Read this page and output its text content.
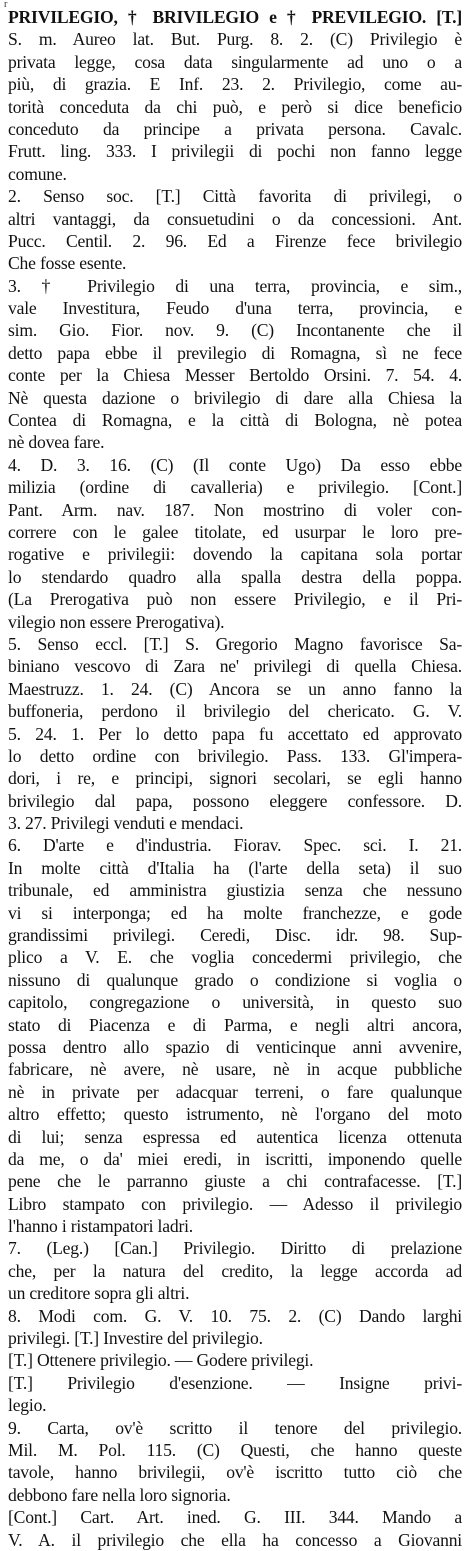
r
PRIVILEGIO, † BRIVILEGIO e † PREVILEGIO. [T.]
S. m. Aureo lat. But. Purg. 8. 2. (C) Privilegio è
privata legge, cosa data singularmente ad uno o a
più, di grazia. E Inf. 23. 2. Privilegio, come au-
torità conceduta da chi può, e però si dice beneficio
conceduto da principe a privata persona. Cavalc.
Frutt. ling. 333. I privilegii di pochi non fanno legge
comune.
2. Senso soc. [T.] Città favorita di privilegi, o
altri vantaggi, da consuetudini o da concessioni. Ant.
Pucc. Centil. 2. 96. Ed a Firenze fece brivilegio
Che fosse esente.
3. † Privilegio di una terra, provincia, e sim.,
vale Investitura, Feudo d'una terra, provincia, e
sim. Gio. Fior. nov. 9. (C) Incontanente che il
detto papa ebbe il previlegio di Romagna, sì ne fece
conte per la Chiesa Messer Bertoldo Orsini. 7. 54. 4.
Nè questa dazione o brivilegio di dare alla Chiesa la
Contea di Romagna, e la città di Bologna, nè potea
nè dovea fare.
4. D. 3. 16. (C) (Il conte Ugo) Da esso ebbe
milizia (ordine di cavalleria) e privilegio. [Cont.]
Pant. Arm. nav. 187. Non mostrino di voler con-
correre con le galee titolate, ed usurpar le loro pre-
rogative e privilegii: dovendo la capitana sola portar
lo stendardo quadro alla spalla destra della poppa.
(La Prerogativa può non essere Privilegio, e il Pri-
vilegio non essere Prerogativa).
5. Senso eccl. [T.] S. Gregorio Magno favorisce Sa-
biniano vescovo di Zara ne' privilegi di quella Chiesa.
Maestruzz. 1. 24. (C) Ancora se un anno fanno la
buffoneria, perdono il brivilegio del chericato. G. V.
5. 24. 1. Per lo detto papa fu accettato ed approvato
lo detto ordine con brivilegio. Pass. 133. Gl'impera-
dori, i re, e principi, signori secolari, se egli hanno
brivilegio dal papa, possono eleggere confessore. D.
3. 27. Privilegi venduti e mendaci.
6. D'arte e d'industria. Fiorav. Spec. sci. I. 21.
In molte città d'Italia ha (l'arte della seta) il suo
tribunale, ed amministra giustizia senza che nessuno
vi si interponga; ed ha molte franchezze, e gode
grandissimi privilegi. Ceredi, Disc. idr. 98. Sup-
plico a V. E. che voglia concedermi privilegio, che
nissuno di qualunque grado o condizione si voglia o
capitolo, congregazione o università, in questo suo
stato di Piacenza e di Parma, e negli altri ancora,
possa dentro allo spazio di venticinque anni avvenire,
fabricare, nè avere, nè usare, nè in acque pubbliche
nè in private per adacquar terreni, o fare qualunque
altro effetto; questo istrumento, nè l'organo del moto
di lui; senza espressa ed autentica licenza ottenuta
da me, o da' miei eredi, in iscritti, imponendo quelle
pene che le parranno giuste a chi contrafacesse. [T.]
Libro stampato con privilegio. — Adesso il privilegio
l'hanno i ristampatori ladri.
7. (Leg.) [Can.] Privilegio. Diritto di prelazione
che, per la natura del credito, la legge accorda ad
un creditore sopra gli altri.
8. Modi com. G. V. 10. 75. 2. (C) Dando larghi
privilegi. [T.] Investire del privilegio.
[T.] Ottenere privilegio. — Godere privilegi.
[T.] Privilegio d'esenzione. — Insigne privi-
legio.
9. Carta, ov'è scritto il tenore del privilegio.
Mil. M. Pol. 115. (C) Questi, che hanno queste
tavole, hanno brivilegii, ov'è iscritto tutto ciò che
debbono fare nella loro signoria.
[Cont.] Cart. Art. ined. G. III. 344. Mando a
V. A. il privilegio che ella ha concesso a Giovanni
